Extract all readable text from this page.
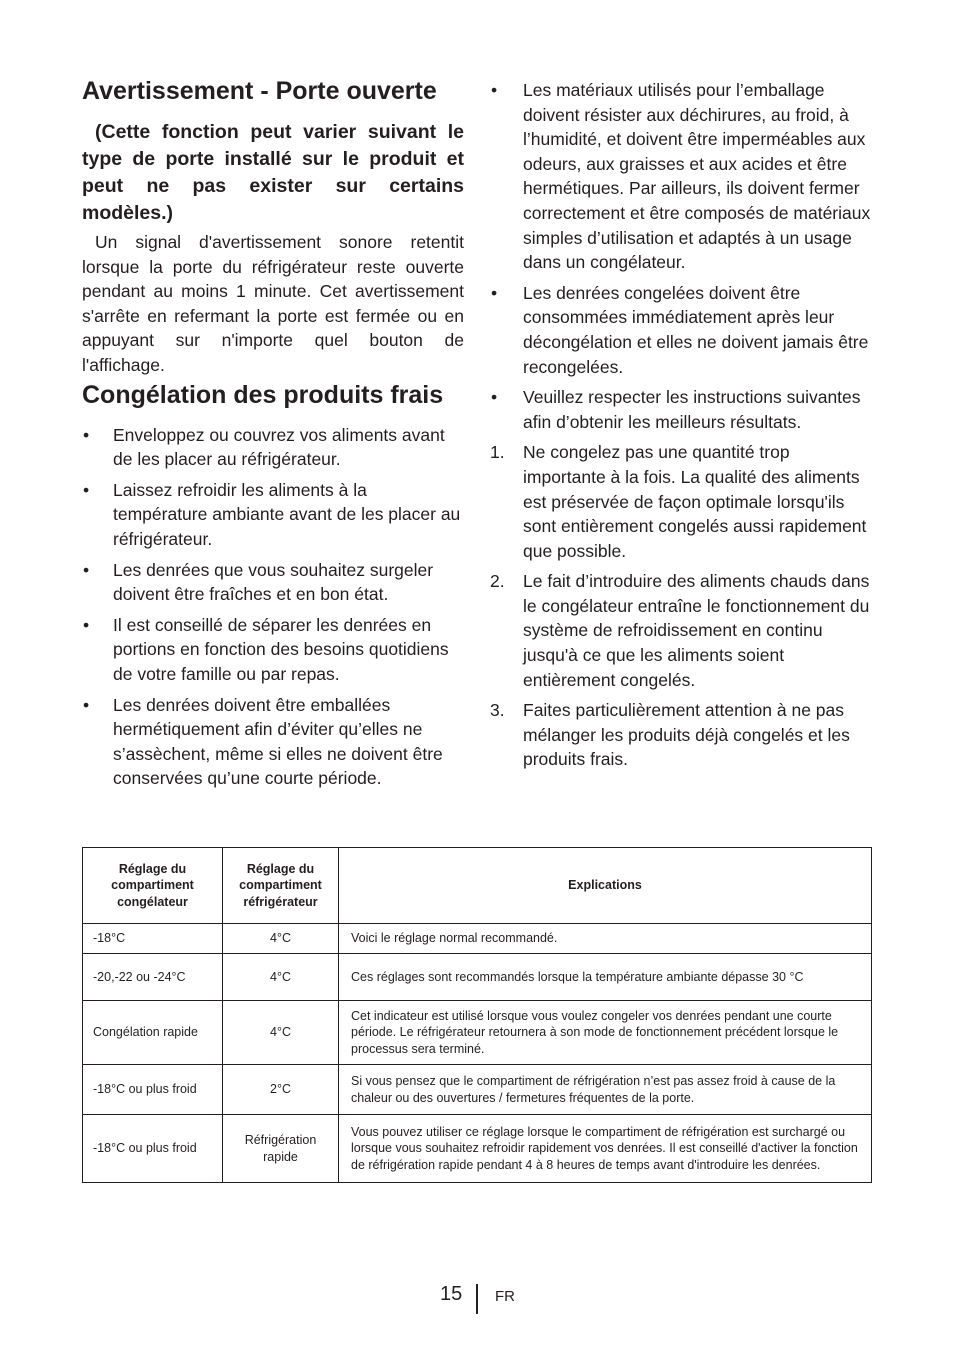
Avertissement - Porte ouverte

(Cette fonction peut varier suivant le type de porte installé sur le produit et peut ne pas exister sur certains modèles.)

Un signal d'avertissement sonore retentit lorsque la porte du réfrigérateur reste ouverte pendant au moins 1 minute. Cet avertissement s'arrête en refermant la porte est fermée ou en appuyant sur n'importe quel bouton de l'affichage.

Congélation des produits frais
• Enveloppez ou couvrez vos aliments avant de les placer au réfrigérateur.
• Laissez refroidir les aliments à la température ambiante avant de les placer au réfrigérateur.
• Les denrées que vous souhaitez surgeler doivent être fraîches et en bon état.
• Il est conseillé de séparer les denrées en portions en fonction des besoins quotidiens de votre famille ou par repas.
• Les denrées doivent être emballées hermétiquement afin d’éviter qu’elles ne s’assèchent, même si elles ne doivent être conservées qu’une courte période.
• Les matériaux utilisés pour l’emballage doivent résister aux déchirures, au froid, à l’humidité, et doivent être imperméables aux odeurs, aux graisses et aux acides et être hermétiques. Par ailleurs, ils doivent fermer correctement et être composés de matériaux simples d’utilisation et adaptés à un usage dans un congélateur.
• Les denrées congelées doivent être consommées immédiatement après leur décongélation et elles ne doivent jamais être recongelées.
• Veuillez respecter les instructions suivantes afin d’obtenir les meilleurs résultats.
1. Ne congelez pas une quantité trop importante à la fois. La qualité des aliments est préservée de façon optimale lorsqu'ils sont entièrement congelés aussi rapidement que possible.
2. Le fait d’introduire des aliments chauds dans le congélateur entraîne le fonctionnement du système de refroidissement en continu jusqu'à ce que les aliments soient entièrement congelés.
3. Faites particulièrement attention à ne pas mélanger les produits déjà congelés et les produits frais.
Réglage du compartiment congélateur	Réglage du compartiment réfrigérateur	Explications
-18°C	4°C	Voici le réglage normal recommandé.
-20,-22 ou -24°C	4°C	Ces réglages sont recommandés lorsque la température ambiante dépasse 30 °C
Congélation rapide	4°C	Cet indicateur est utilisé lorsque vous voulez congeler vos denrées pendant une courte période. Le réfrigérateur retournera à son mode de fonctionnement précédent lorsque le processus sera terminé.
-18°C ou plus froid	2°C	Si vous pensez que le compartiment de réfrigération n’est pas assez froid à cause de la chaleur ou des ouvertures / fermetures fréquentes de la porte.
-18°C ou plus froid	Réfrigération rapide	Vous pouvez utiliser ce réglage lorsque le compartiment de réfrigération est surchargé ou lorsque vous souhaitez refroidir rapidement vos denrées. Il est conseillé d'activer la fonction de réfrigération rapide pendant 4 à 8 heures de temps avant d'introduire les denrées.
15 FR
